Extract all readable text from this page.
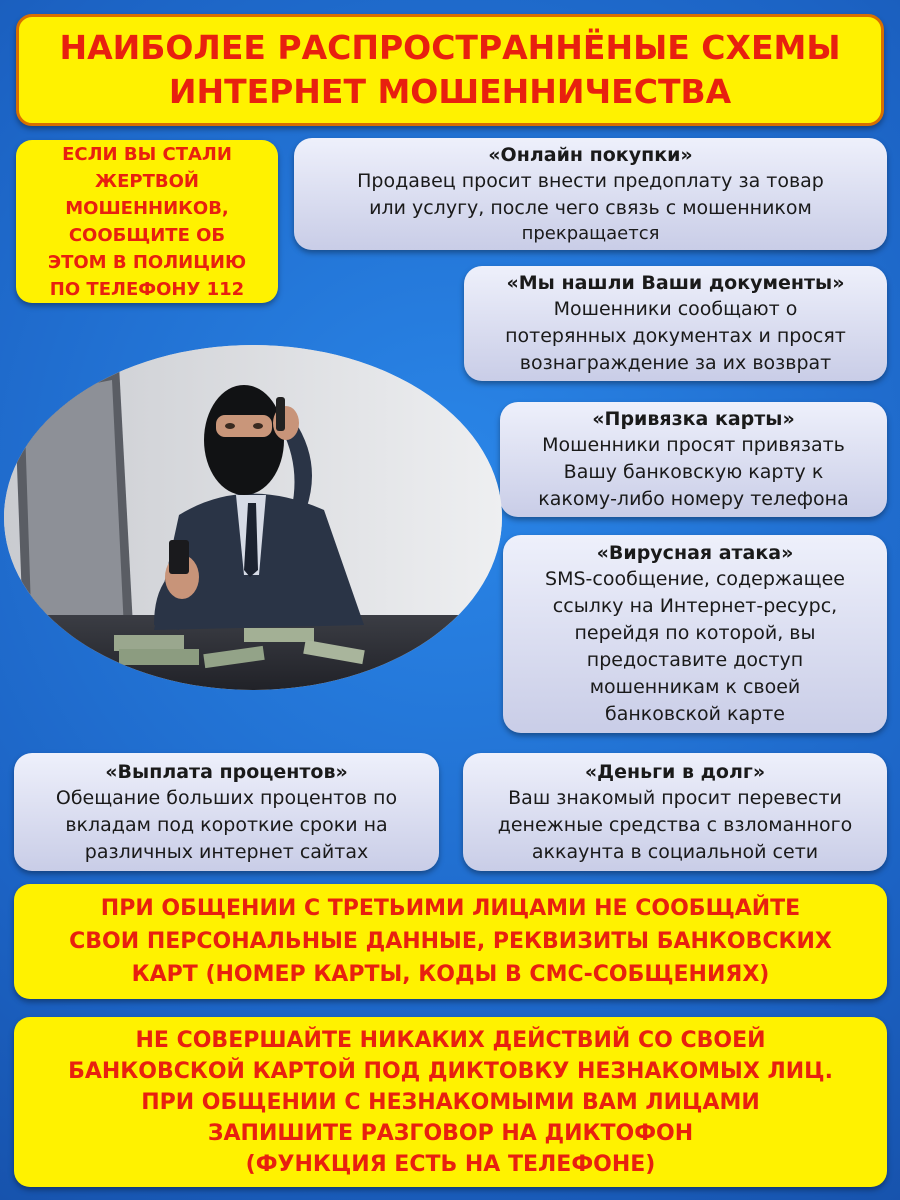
НАИБОЛЕЕ РАСПРОСТРАННЁНЫЕ СХЕМЫ
ИНТЕРНЕТ МОШЕННИЧЕСТВА
ЕСЛИ ВЫ СТАЛИ
ЖЕРТВОЙ
МОШЕННИКОВ,
СООБЩИТЕ ОБ
ЭТОМ В ПОЛИЦИЮ
ПО ТЕЛЕФОНУ 112
«Онлайн покупки»
Продавец просит внести предоплату за товар
или услугу, после чего связь с мошенником
прекращается
«Мы нашли Ваши документы»
Мошенники сообщают о
потерянных документах и просят
вознаграждение за их возврат
«Привязка карты»
Мошенники просят привязать
Вашу банковскую карту к
какому-либо номеру телефона
«Вирусная атака»
SMS-сообщение, содержащее
ссылку на Интернет-ресурс,
перейдя по которой, вы
предоставите доступ
мошенникам к своей
банковской карте
«Выплата процентов»
Обещание больших процентов по
вкладам под короткие сроки на
различных интернет сайтах
«Деньги в долг»
Ваш знакомый просит перевести
денежные средства с взломанного
аккаунта в социальной сети
ПРИ ОБЩЕНИИ С ТРЕТЬИМИ ЛИЦАМИ НЕ СООБЩАЙТЕ
СВОИ ПЕРСОНАЛЬНЫЕ ДАННЫЕ, РЕКВИЗИТЫ БАНКОВСКИХ
КАРТ (НОМЕР КАРТЫ, КОДЫ В СМС-СОБЩЕНИЯХ)
НЕ СОВЕРШАЙТЕ НИКАКИХ ДЕЙСТВИЙ СО СВОЕЙ
БАНКОВСКОЙ КАРТОЙ ПОД ДИКТОВКУ НЕЗНАКОМЫХ ЛИЦ.
ПРИ ОБЩЕНИИ С НЕЗНАКОМЫМИ ВАМ ЛИЦАМИ
ЗАПИШИТЕ РАЗГОВОР НА ДИКТОФОН
(ФУНКЦИЯ ЕСТЬ НА ТЕЛЕФОНЕ)
